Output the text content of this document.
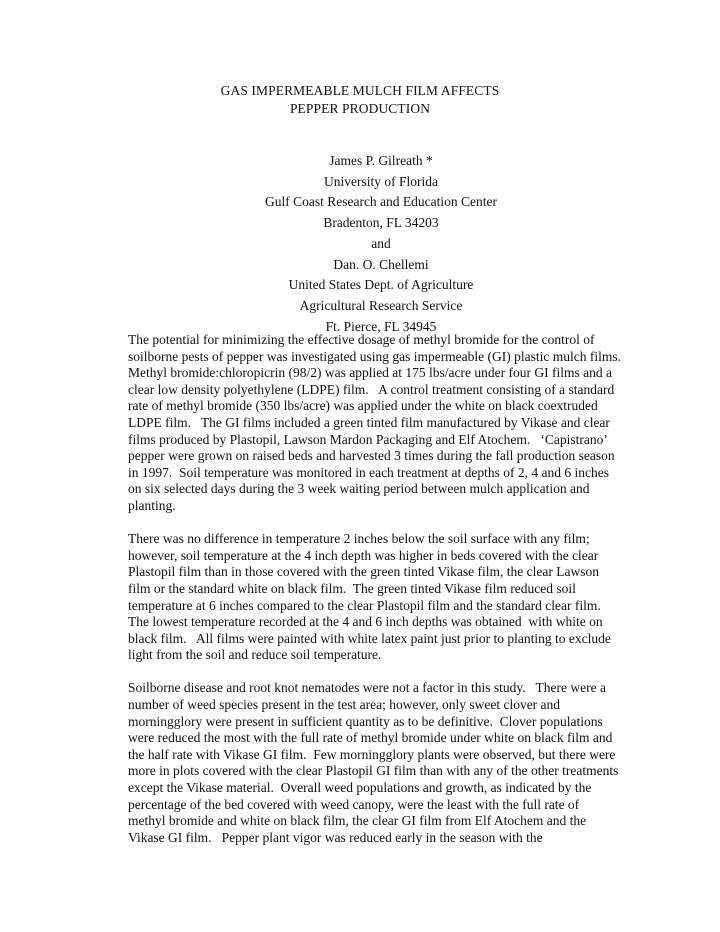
GAS IMPERMEABLE MULCH FILM AFFECTS
PEPPER PRODUCTION
James P. Gilreath *
University of Florida
Gulf Coast Research and Education Center
Bradenton, FL 34203
and
Dan. O. Chellemi
United States Dept. of Agriculture
Agricultural Research Service
Ft. Pierce, FL 34945
The potential for minimizing the effective dosage of methyl bromide for the control of
soilborne pests of pepper was investigated using gas impermeable (GI) plastic mulch films.
Methyl bromide:chloropicrin (98/2) was applied at 175 lbs/acre under four GI films and a
clear low density polyethylene (LDPE) film.   A control treatment consisting of a standard
rate of methyl bromide (350 lbs/acre) was applied under the white on black coextruded
LDPE film.   The GI films included a green tinted film manufactured by Vikase and clear
films produced by Plastopil, Lawson Mardon Packaging and Elf Atochem.   ‘Capistrano’
pepper were grown on raised beds and harvested 3 times during the fall production season
in 1997.  Soil temperature was monitored in each treatment at depths of 2, 4 and 6 inches
on six selected days during the 3 week waiting period between mulch application and
planting.
There was no difference in temperature 2 inches below the soil surface with any film;
however, soil temperature at the 4 inch depth was higher in beds covered with the clear
Plastopil film than in those covered with the green tinted Vikase film, the clear Lawson
film or the standard white on black film.  The green tinted Vikase film reduced soil
temperature at 6 inches compared to the clear Plastopil film and the standard clear film.
The lowest temperature recorded at the 4 and 6 inch depths was obtained  with white on
black film.   All films were painted with white latex paint just prior to planting to exclude
light from the soil and reduce soil temperature.
Soilborne disease and root knot nematodes were not a factor in this study.   There were a
number of weed species present in the test area; however, only sweet clover and
morningglory were present in sufficient quantity as to be definitive.  Clover populations
were reduced the most with the full rate of methyl bromide under white on black film and
the half rate with Vikase GI film.  Few morningglory plants were observed, but there were
more in plots covered with the clear Plastopil GI film than with any of the other treatments
except the Vikase material.  Overall weed populations and growth, as indicated by the
percentage of the bed covered with weed canopy, were the least with the full rate of
methyl bromide and white on black film, the clear GI film from Elf Atochem and the
Vikase GI film.   Pepper plant vigor was reduced early in the season with the
